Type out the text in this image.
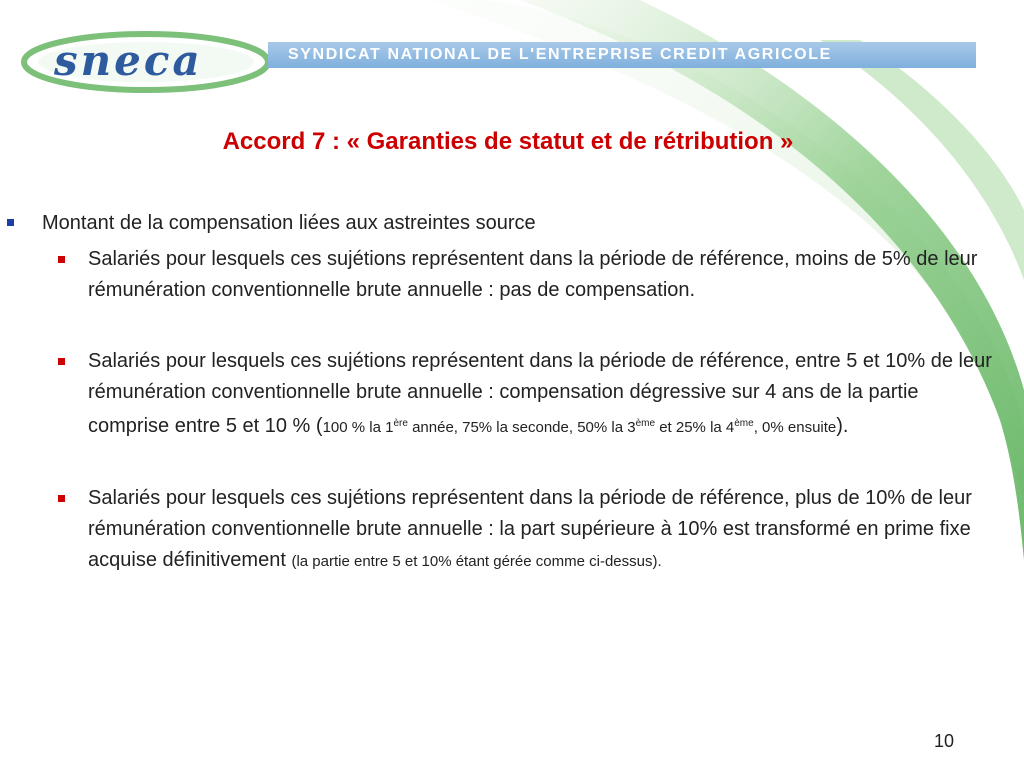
sneca	SYNDICAT NATIONAL DE L'ENTREPRISE CREDIT AGRICOLE
Accord 7 : « Garanties de statut et de rétribution »
Montant de la compensation liées aux astreintes source
Salariés pour lesquels ces sujétions représentent dans la période de référence, moins de 5% de leur rémunération conventionnelle brute annuelle : pas de compensation.
Salariés pour lesquels ces sujétions représentent dans la période de référence, entre 5 et 10% de leur rémunération conventionnelle brute annuelle : compensation dégressive sur 4 ans de la partie comprise entre 5 et 10 % (100 % la 1ère année, 75% la seconde, 50% la 3ème et 25% la 4ème, 0% ensuite).
Salariés pour lesquels ces sujétions représentent dans la période de référence, plus de 10% de leur rémunération conventionnelle brute annuelle : la part supérieure à 10% est transformé en prime fixe acquise définitivement (la partie entre 5 et 10% étant gérée comme ci-dessus).
10
